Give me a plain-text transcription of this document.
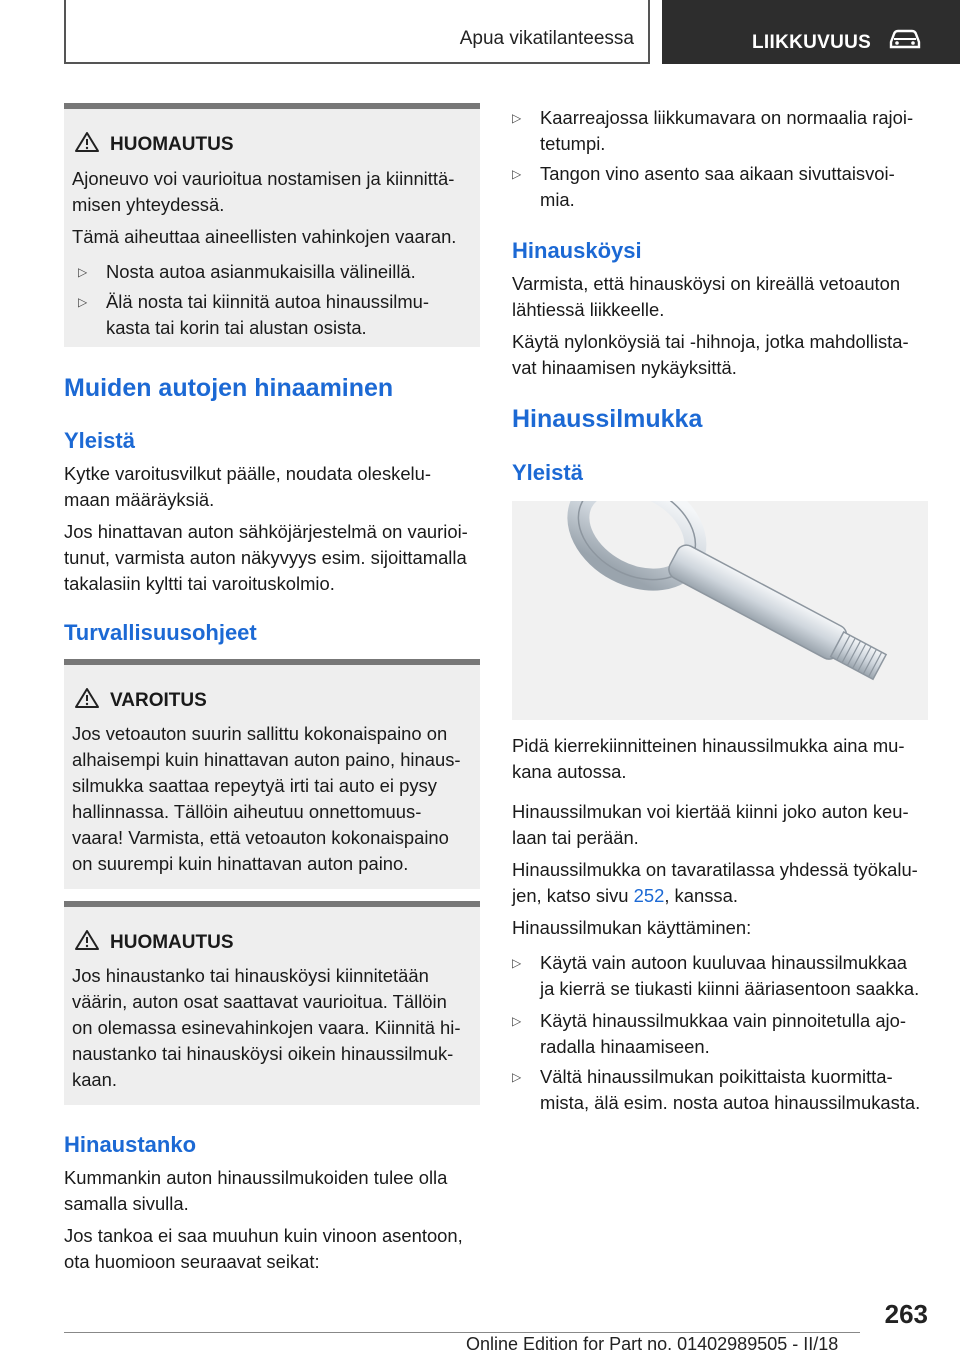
Apua vikatilanteessa	LIIKKUVUUS
HUOMAUTUS
Ajoneuvo voi vaurioitua nostamisen ja kiinnittä-
misen yhteydessä.
Tämä aiheuttaa aineellisten vahinkojen vaaran.
▷ Nosta autoa asianmukaisilla välineillä.
▷ Älä nosta tai kiinnitä autoa hinaussilmu-
kasta tai korin tai alustan osista.
Muiden autojen hinaaminen
Yleistä
Kytke varoitusvilkut päälle, noudata oleskelu-
maan määräyksiä.
Jos hinattavan auton sähköjärjestelmä on vaurioi-
tunut, varmista auton näkyvyys esim. sijoittamalla
takalasiin kyltti tai varoituskolmio.
Turvallisuusohjeet
VAROITUS
Jos vetoauton suurin sallittu kokonaispaino on
alhaisempi kuin hinattavan auton paino, hinaus-
silmukka saattaa repeytyä irti tai auto ei pysy
hallinnassa. Tällöin aiheutuu onnettomuus-
vaara! Varmista, että vetoauton kokonaispaino
on suurempi kuin hinattavan auton paino.
HUOMAUTUS
Jos hinaustanko tai hinausköysi kiinnitetään
väärin, auton osat saattavat vaurioitua. Tällöin
on olemassa esinevahinkojen vaara. Kiinnitä hi-
naustanko tai hinausköysi oikein hinaussilmuk-
kaan.
Hinaustanko
Kummankin auton hinaussilmukoiden tulee olla
samalla sivulla.
Jos tankoa ei saa muuhun kuin vinoon asentoon,
ota huomioon seuraavat seikat:
▷ Kaarreajossa liikkumavara on normaalia rajoi-
tetumpi.
▷ Tangon vino asento saa aikaan sivuttaisvoi-
mia.
Hinausköysi
Varmista, että hinausköysi on kireällä vetoauton
lähtiessä liikkeelle.
Käytä nylonköysiä tai -hihnoja, jotka mahdollista-
vat hinaamisen nykäyksittä.
Hinaussilmukka
Yleistä
Pidä kierrekiinnitteinen hinaussilmukka aina mu-
kana autossa.
Hinaussilmukan voi kiertää kiinni joko auton keu-
laan tai perään.
Hinaussilmukka on tavaratilassa yhdessä työkalu-
jen, katso sivu 252, kanssa.
Hinaussilmukan käyttäminen:
▷ Käytä vain autoon kuuluvaa hinaussilmukkaa
ja kierrä se tiukasti kiinni ääriasentoon saakka.
▷ Käytä hinaussilmukkaa vain pinnoitetulla ajo-
radalla hinaamiseen.
▷ Vältä hinaussilmukan poikittaista kuormitta-
mista, älä esim. nosta autoa hinaussilmukasta.
263
Online Edition for Part no. 01402989505 - II/18
